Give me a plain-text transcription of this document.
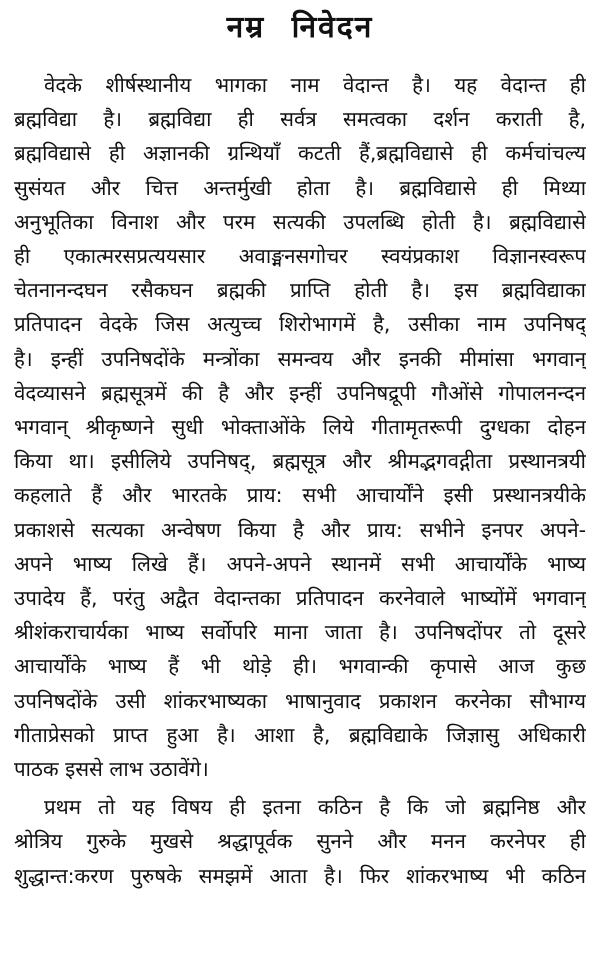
नम्र निवेदन
वेदके शीर्षस्थानीय भागका नाम वेदान्त है। यह वेदान्त ही
ब्रह्मविद्या है। ब्रह्मविद्या ही सर्वत्र समत्वका दर्शन कराती है,
ब्रह्मविद्यासे ही अज्ञानकी ग्रन्थियाँ कटती हैं,ब्रह्मविद्यासे ही कर्मचांचल्य
सुसंयत और चित्त अन्तर्मुखी होता है। ब्रह्मविद्यासे ही मिथ्या
अनुभूतिका विनाश और परम सत्यकी उपलब्धि होती है। ब्रह्मविद्यासे
ही एकात्मरसप्रत्ययसार अवाङ्मनसगोचर स्वयंप्रकाश विज्ञानस्वरूप
चेतनानन्दघन रसैकघन ब्रह्मकी प्राप्ति होती है। इस ब्रह्मविद्याका
प्रतिपादन वेदके जिस अत्युच्च शिरोभागमें है, उसीका नाम उपनिषद्
है। इन्हीं उपनिषदोंके मन्त्रोंका समन्वय और इनकी मीमांसा भगवान्
वेदव्यासने ब्रह्मसूत्रमें की है और इन्हीं उपनिषद्रूपी गौओंसे गोपालनन्दन
भगवान् श्रीकृष्णने सुधी भोक्ताओंके लिये गीतामृतरूपी दुग्धका दोहन
किया था। इसीलिये उपनिषद्, ब्रह्मसूत्र और श्रीमद्भगवद्गीता प्रस्थानत्रयी
कहलाते हैं और भारतके प्राय: सभी आचार्योंने इसी प्रस्थानत्रयीके
प्रकाशसे सत्यका अन्वेषण किया है और प्राय: सभीने इनपर अपने-
अपने भाष्य लिखे हैं। अपने-अपने स्थानमें सभी आचार्योंके भाष्य
उपादेय हैं, परंतु अद्वैत वेदान्तका प्रतिपादन करनेवाले भाष्योंमें भगवान्
श्रीशंकराचार्यका भाष्य सर्वोपरि माना जाता है। उपनिषदोंपर तो दूसरे
आचार्योंके भाष्य हैं भी थोड़े ही। भगवान्की कृपासे आज कुछ
उपनिषदोंके उसी शांकरभाष्यका भाषानुवाद प्रकाशन करनेका सौभाग्य
गीताप्रेसको प्राप्त हुआ है। आशा है, ब्रह्मविद्याके जिज्ञासु अधिकारी
पाठक इससे लाभ उठावेंगे।
प्रथम तो यह विषय ही इतना कठिन है कि जो ब्रह्मनिष्ठ और
श्रोत्रिय गुरुके मुखसे श्रद्धापूर्वक सुनने और मनन करनेपर ही
शुद्धान्त:करण पुरुषके समझमें आता है। फिर शांकरभाष्य भी कठिन
